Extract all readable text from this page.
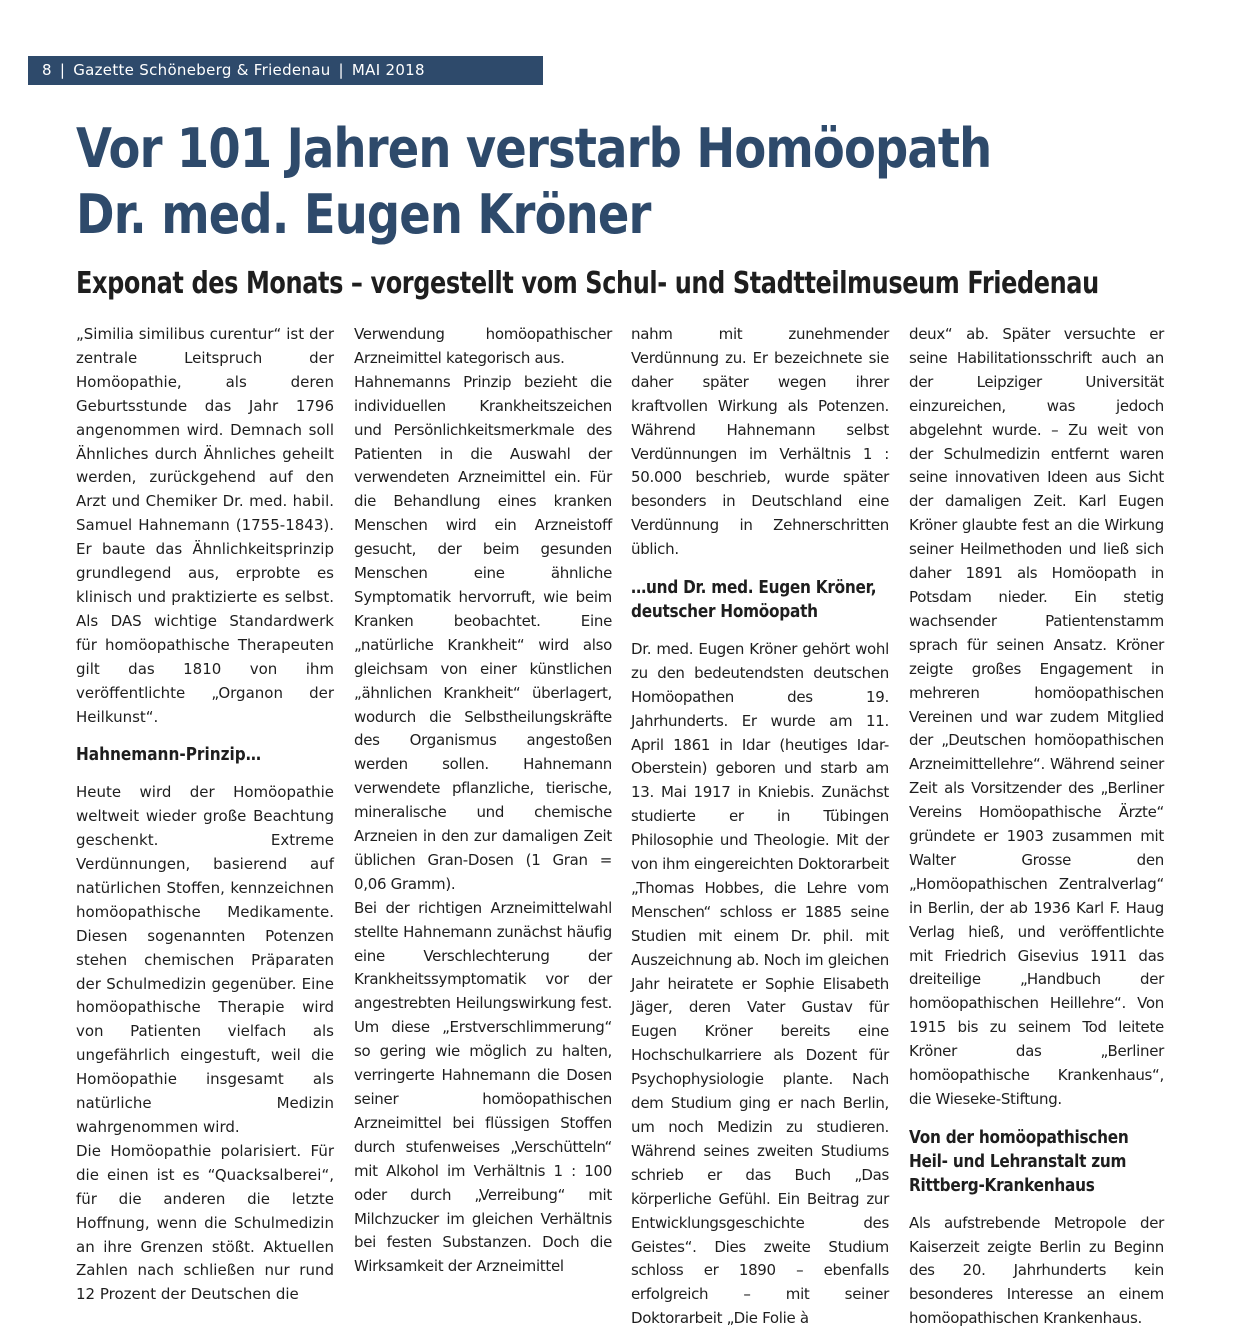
8 | Gazette Schöneberg & Friedenau | MAI 2018
Vor 101 Jahren verstarb Homöopath
Dr. med. Eugen Kröner
Exponat des Monats – vorgestellt vom Schul- und Stadtteilmuseum Friedenau

„Similia similibus curentur“ ist der zentrale Leitspruch der Homöopathie, als deren Geburtsstunde das Jahr 1796 angenommen wird. Demnach soll Ähnliches durch Ähnliches geheilt werden, zurückgehend auf den Arzt und Chemiker Dr. med. habil. Samuel Hahnemann (1755-1843). Er baute das Ähnlichkeitsprinzip grundlegend aus, erprobte es klinisch und praktizierte es selbst. Als DAS wichtige Standardwerk für homöopathische Therapeuten gilt das 1810 von ihm veröffentlichte „Organon der Heilkunst“.

Hahnemann-Prinzip…

Heute wird der Homöopathie weltweit wieder große Beachtung geschenkt. Extreme Verdünnungen, basierend auf natürlichen Stoffen, kennzeichnen homöopathische Medikamente. Diesen sogenannten Potenzen stehen chemischen Präparaten der Schulmedizin gegenüber. Eine homöopathische Therapie wird von Patienten vielfach als ungefährlich eingestuft, weil die Homöopathie insgesamt als natürliche Medizin wahrgenommen wird.

Die Homöopathie polarisiert. Für die einen ist es “Quacksalberei“, für die anderen die letzte Hoffnung, wenn die Schulmedizin an ihre Grenzen stößt. Aktuellen Zahlen nach schließen nur rund 12 Prozent der Deutschen die

Verwendung homöopathischer Arzneimittel kategorisch aus.

Hahnemanns Prinzip bezieht die individuellen Krankheitszeichen und Persönlichkeitsmerkmale des Patienten in die Auswahl der verwendeten Arzneimittel ein. Für die Behandlung eines kranken Menschen wird ein Arzneistoff gesucht, der beim gesunden Menschen eine ähnliche Symptomatik hervorruft, wie beim Kranken beobachtet. Eine „natürliche Krankheit“ wird also gleichsam von einer künstlichen „ähnlichen Krankheit“ überlagert, wodurch die Selbstheilungskräfte des Organismus angestoßen werden sollen. Hahnemann verwendete pflanzliche, tierische, mineralische und chemische Arzneien in den zur damaligen Zeit üblichen Gran-Dosen (1 Gran = 0,06 Gramm).

Bei der richtigen Arzneimittelwahl stellte Hahnemann zunächst häufig eine Verschlechterung der Krankheitssymptomatik vor der angestrebten Heilungswirkung fest. Um diese „Erstverschlimmerung“ so gering wie möglich zu halten, verringerte Hahnemann die Dosen seiner homöopathischen Arzneimittel bei flüssigen Stoffen durch stufenweises „Verschütteln“ mit Alkohol im Verhältnis 1 : 100 oder durch „Verreibung“ mit Milchzucker im gleichen Verhältnis bei festen Substanzen. Doch die Wirksamkeit der Arzneimittel

nahm mit zunehmender Verdünnung zu. Er bezeichnete sie daher später wegen ihrer kraftvollen Wirkung als Potenzen. Während Hahnemann selbst Verdünnungen im Verhältnis 1 : 50.000 beschrieb, wurde später besonders in Deutschland eine Verdünnung in Zehnerschritten üblich.

…und Dr. med. Eugen Kröner,
deutscher Homöopath

Dr. med. Eugen Kröner gehört wohl zu den bedeutendsten deutschen Homöopathen des 19. Jahrhunderts. Er wurde am 11. April 1861 in Idar (heutiges Idar-Oberstein) geboren und starb am 13. Mai 1917 in Kniebis. Zunächst studierte er in Tübingen Philosophie und Theologie. Mit der von ihm eingereichten Doktorarbeit „Thomas Hobbes, die Lehre vom Menschen“ schloss er 1885 seine Studien mit einem Dr. phil. mit Auszeichnung ab. Noch im gleichen Jahr heiratete er Sophie Elisabeth Jäger, deren Vater Gustav für Eugen Kröner bereits eine Hochschulkarriere als Dozent für Psychophysiologie plante. Nach dem Studium ging er nach Berlin, um noch Medizin zu studieren. Während seines zweiten Studiums schrieb er das Buch „Das körperliche Gefühl. Ein Beitrag zur Entwicklungsgeschichte des Geistes“. Dies zweite Studium schloss er 1890 – ebenfalls erfolgreich – mit seiner Doktorarbeit „Die Folie à

deux“ ab. Später versuchte er seine Habilitationsschrift auch an der Leipziger Universität einzureichen, was jedoch abgelehnt wurde. – Zu weit von der Schulmedizin entfernt waren seine innovativen Ideen aus Sicht der damaligen Zeit. Karl Eugen Kröner glaubte fest an die Wirkung seiner Heilmethoden und ließ sich daher 1891 als Homöopath in Potsdam nieder. Ein stetig wachsender Patientenstamm sprach für seinen Ansatz. Kröner zeigte großes Engagement in mehreren homöopathischen Vereinen und war zudem Mitglied der „Deutschen homöopathischen Arzneimittellehre“. Während seiner Zeit als Vorsitzender des „Berliner Vereins Homöopathische Ärzte“ gründete er 1903 zusammen mit Walter Grosse den „Homöopathischen Zentralverlag“ in Berlin, der ab 1936 Karl F. Haug Verlag hieß, und veröffentlichte mit Friedrich Gisevius 1911 das dreiteilige „Handbuch der homöopathischen Heillehre“. Von 1915 bis zu seinem Tod leitete Kröner das „Berliner homöopathische Krankenhaus“, die Wieseke-Stiftung.

Von der homöopathischen
Heil- und Lehranstalt zum
Rittberg-Krankenhaus

Als aufstrebende Metropole der Kaiserzeit zeigte Berlin zu Beginn des 20. Jahrhunderts kein besonderes Interesse an einem homöopathischen Krankenhaus.
